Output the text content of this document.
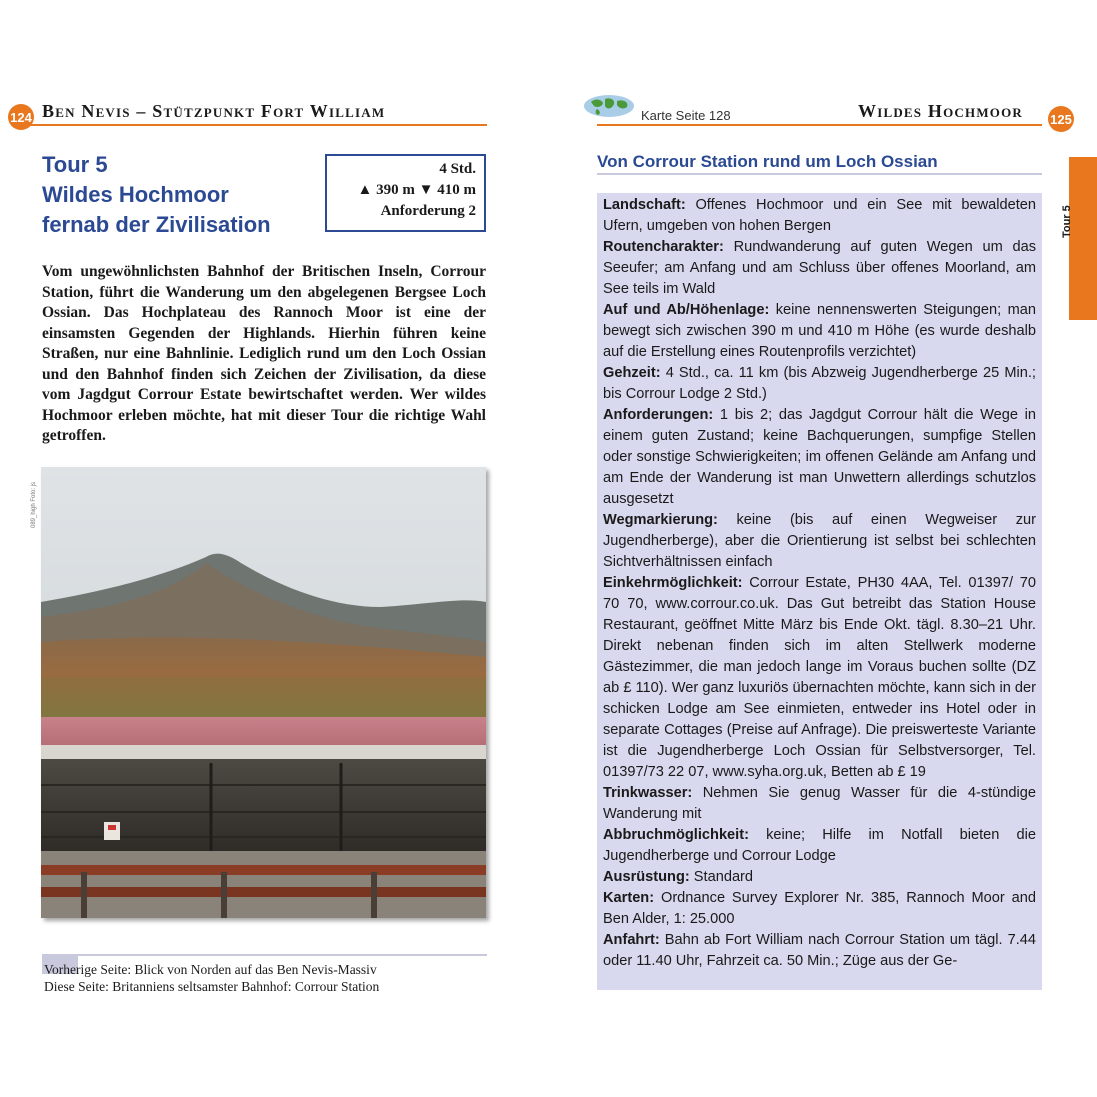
124 Ben Nevis – Stützpunkt Fort William
Tour 5
Wildes Hochmoor
fernab der Zivilisation
4 Std.
▲ 390 m ▼ 410 m
Anforderung 2
Vom ungewöhnlichsten Bahnhof der Britischen Inseln, Corrour Station, führt die Wanderung um den abgelegenen Bergsee Loch Ossian. Das Hochplateau des Rannoch Moor ist eine der einsamsten Gegenden der Highlands. Hierhin führen keine Straßen, nur eine Bahnlinie. Lediglich rund um den Loch Ossian und den Bahnhof finden sich Zeichen der Zivilisation, da diese vom Jagdgut Corrour Estate bewirtschaftet werden. Wer wildes Hochmoor erleben möchte, hat mit dieser Tour die richtige Wahl getroffen.
089_high Foto: js
Vorherige Seite: Blick von Norden auf das Ben Nevis-Massiv
Diese Seite: Britanniens seltsamster Bahnhof: Corrour Station
Karte Seite 128	Wildes Hochmoor 125
Von Corrour Station rund um Loch Ossian

Landschaft: Offenes Hochmoor und ein See mit bewaldeten Ufern, umgeben von hohen Bergen

Routencharakter: Rundwanderung auf guten Wegen um das Seeufer; am Anfang und am Schluss über offenes Moorland, am See teils im Wald

Auf und Ab/Höhenlage: keine nennenswerten Steigungen; man bewegt sich zwischen 390 m und 410 m Höhe (es wurde deshalb auf die Erstellung eines Routenprofils verzichtet)

Gehzeit: 4 Std., ca. 11 km (bis Abzweig Jugendherberge 25 Min.; bis Corrour Lodge 2 Std.)

Anforderungen: 1 bis 2; das Jagdgut Corrour hält die Wege in einem guten Zustand; keine Bachquerungen, sumpfige Stellen oder sonstige Schwierigkeiten; im offenen Gelände am Anfang und am Ende der Wanderung ist man Unwettern allerdings schutzlos ausgesetzt

Wegmarkierung: keine (bis auf einen Wegweiser zur Jugendherberge), aber die Orientierung ist selbst bei schlechten Sichtverhältnissen einfach

Einkehrmöglichkeit: Corrour Estate, PH30 4AA, Tel. 01397/ 70 70 70, www.corrour.co.uk. Das Gut betreibt das Station House Restaurant, geöffnet Mitte März bis Ende Okt. tägl. 8.30–21 Uhr. Direkt nebenan finden sich im alten Stellwerk moderne Gästezimmer, die man jedoch lange im Voraus buchen sollte (DZ ab £ 110). Wer ganz luxuriös übernachten möchte, kann sich in der schicken Lodge am See einmieten, entweder ins Hotel oder in separate Cottages (Preise auf Anfrage). Die preiswerteste Variante ist die Jugendherberge Loch Ossian für Selbstversorger, Tel. 01397/73 22 07, www.syha.org.uk, Betten ab £ 19

Trinkwasser: Nehmen Sie genug Wasser für die 4-stündige Wanderung mit

Abbruchmöglichkeit: keine; Hilfe im Notfall bieten die Jugendherberge und Corrour Lodge

Ausrüstung: Standard

Karten: Ordnance Survey Explorer Nr. 385, Rannoch Moor and Ben Alder, 1: 25.000

Anfahrt: Bahn ab Fort William nach Corrour Station um tägl. 7.44 oder 11.40 Uhr, Fahrzeit ca. 50 Min.; Züge aus der Ge-

Tour 5
